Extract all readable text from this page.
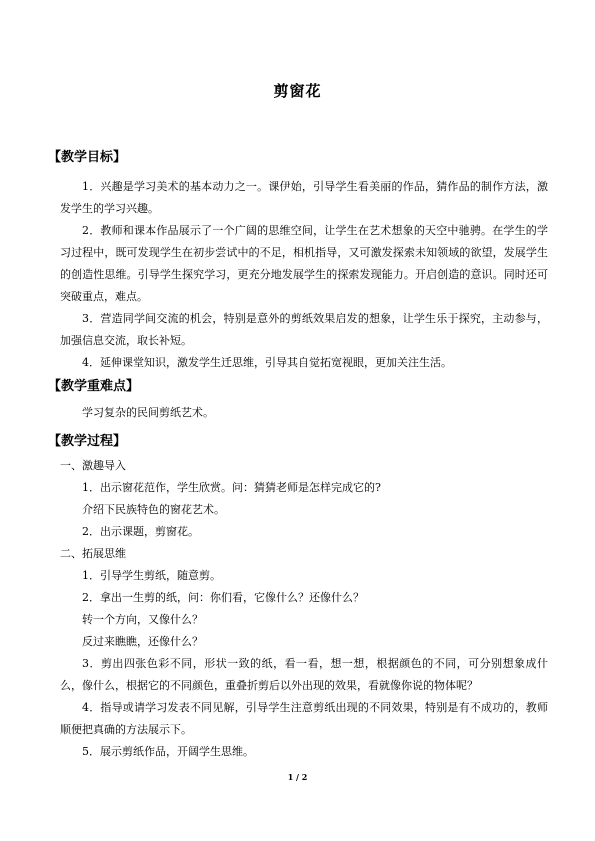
剪窗花
【教学目标】
1．兴趣是学习美术的基本动力之一。课伊始，引导学生看美丽的作品，猜作品的制作方法，激发学生的学习兴趣。
2．教师和课本作品展示了一个广阔的思维空间，让学生在艺术想象的天空中驰骋。在学生的学习过程中，既可发现学生在初步尝试中的不足，相机指导，又可激发探索未知领域的欲望，发展学生的创造性思维。引导学生探究学习，更充分地发展学生的探索发现能力。开启创造的意识。同时还可突破重点，难点。
3．营造同学间交流的机会，特别是意外的剪纸效果启发的想象，让学生乐于探究，主动参与，加强信息交流，取长补短。
4．延伸课堂知识，激发学生迁思维，引导其自觉拓宽视眼，更加关注生活。
【教学重难点】
学习复杂的民间剪纸艺术。
【教学过程】
一、激趣导入
1．出示窗花范作，学生欣赏。问：猜猜老师是怎样完成它的?
介绍下民族特色的窗花艺术。
2．出示课题，剪窗花。
二、拓展思维
1．引导学生剪纸，随意剪。
2．拿出一生剪的纸，问：你们看，它像什么？还像什么？
转一个方向，又像什么？
反过来瞧瞧，还像什么？
3．剪出四张色彩不同，形状一致的纸，看一看，想一想，根据颜色的不同，可分别想象成什么，像什么，根据它的不同颜色，重叠折剪后以外出现的效果，看就像你说的物体呢？
4．指导或请学习发表不同见解，引导学生注意剪纸出现的不同效果，特别是有不成功的，教师顺便把真确的方法展示下。
5．展示剪纸作品，开阔学生思维。
1 / 2
